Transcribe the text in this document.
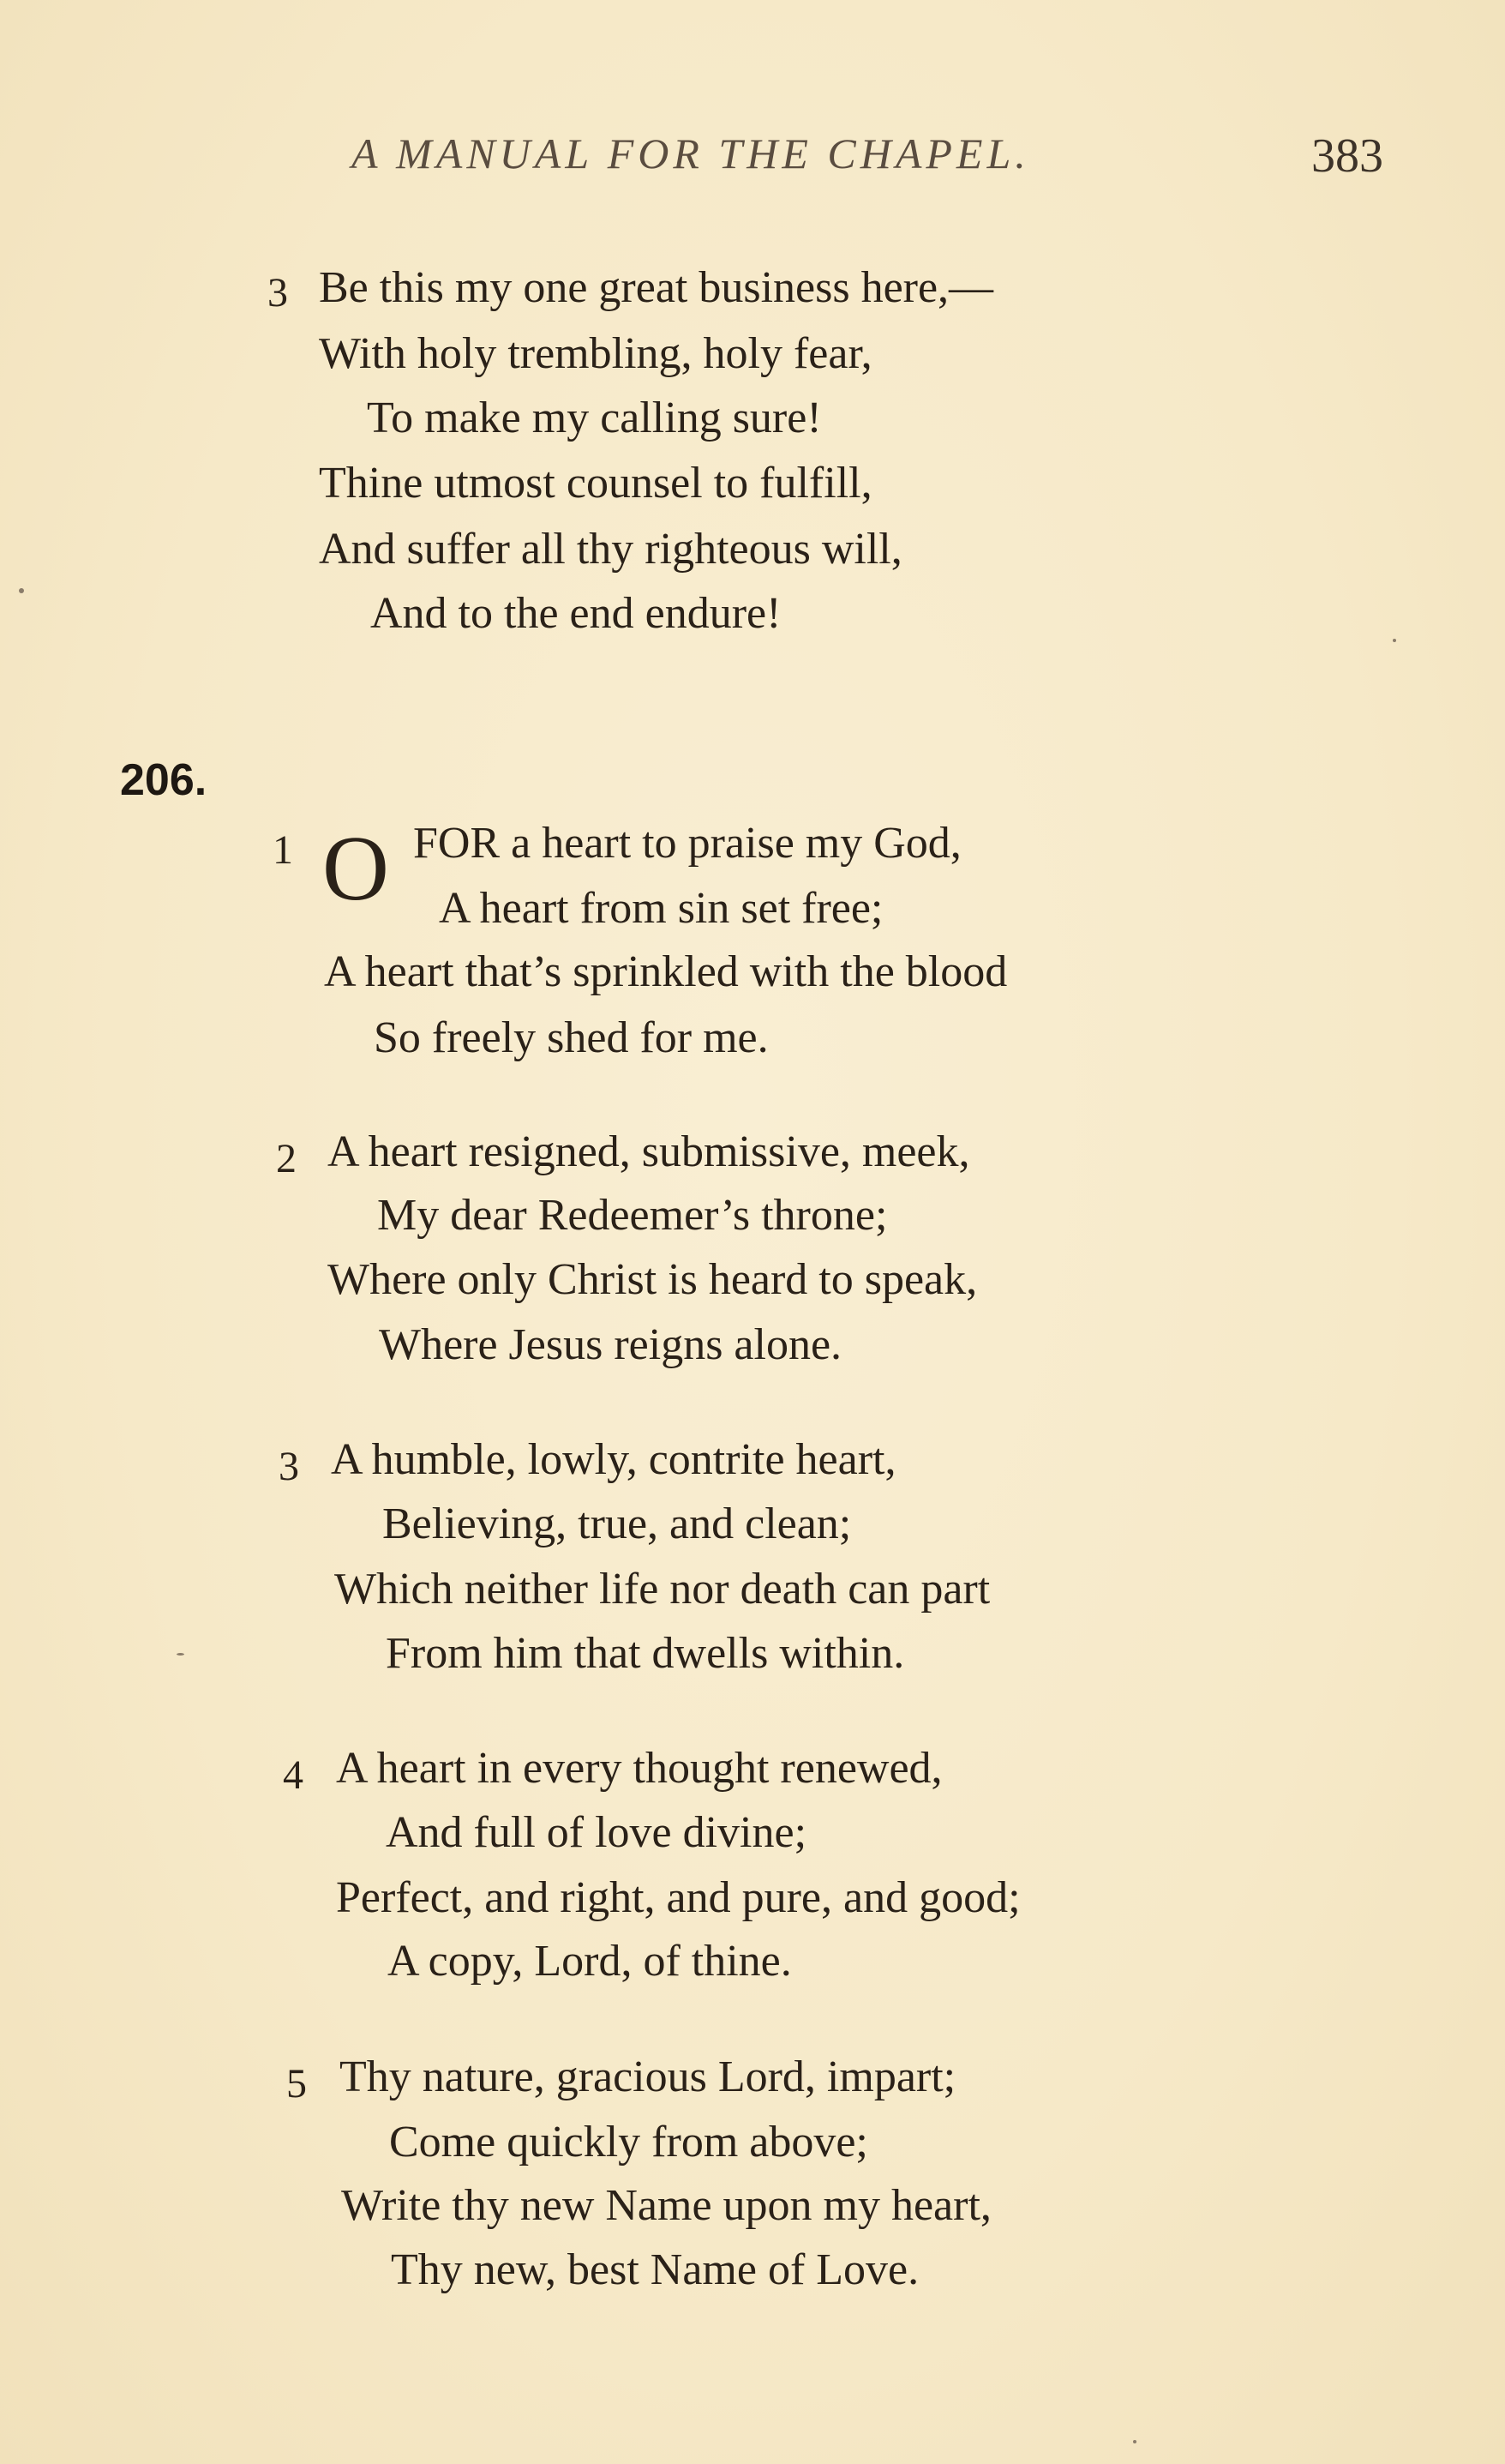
A MANUAL FOR THE CHAPEL.	383
3 Be this my one great business here,—
With holy trembling, holy fear,
To make my calling sure!
Thine utmost counsel to fulfill,
And suffer all thy righteous will,
And to the end endure!
206.
1 O FOR a heart to praise my God,
A heart from sin set free;
A heart that’s sprinkled with the blood
So freely shed for me.
2 A heart resigned, submissive, meek,
My dear Redeemer’s throne;
Where only Christ is heard to speak,
Where Jesus reigns alone.
3 A humble, lowly, contrite heart,
Believing, true, and clean;
Which neither life nor death can part
From him that dwells within.
4 A heart in every thought renewed,
And full of love divine;
Perfect, and right, and pure, and good;
A copy, Lord, of thine.
5 Thy nature, gracious Lord, impart;
Come quickly from above;
Write thy new Name upon my heart,
Thy new, best Name of Love.
